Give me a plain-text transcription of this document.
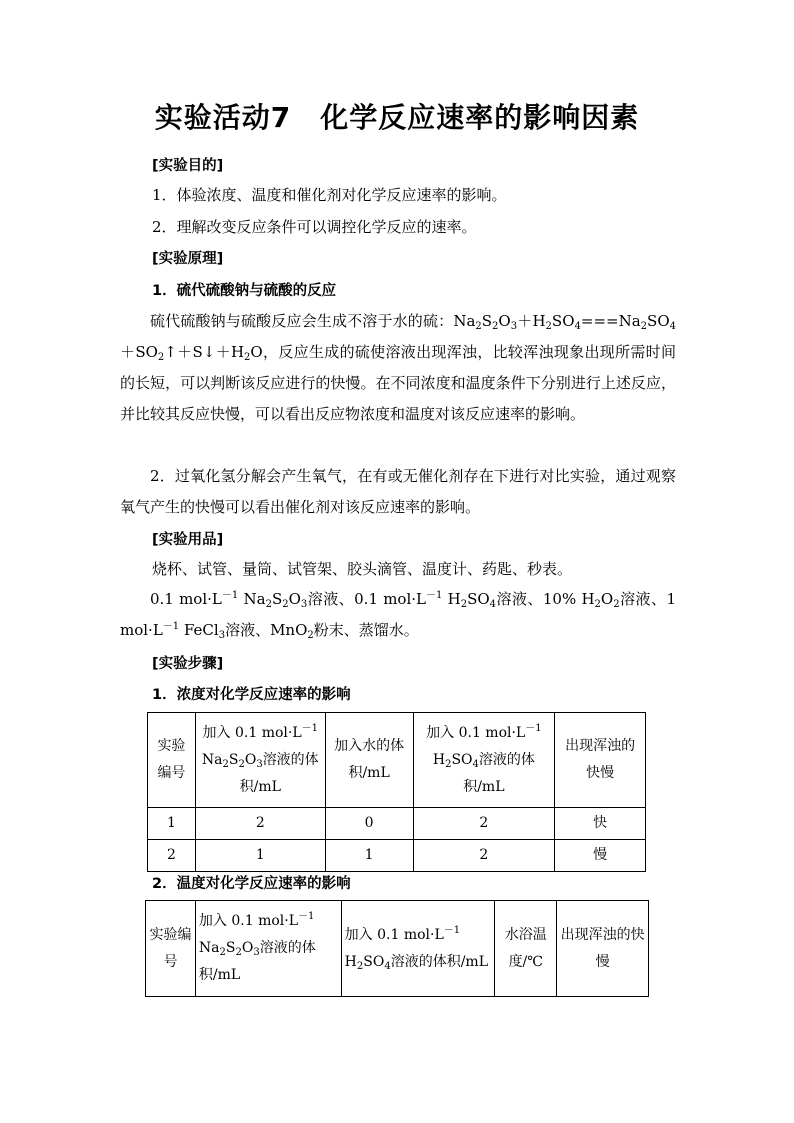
实验活动7　化学反应速率的影响因素
[实验目的]
1．体验浓度、温度和催化剂对化学反应速率的影响。
2．理解改变反应条件可以调控化学反应的速率。
[实验原理]
1．硫代硫酸钠与硫酸的反应
硫代硫酸钠与硫酸反应会生成不溶于水的硫：$Na_2S_2O_3+H_2SO_4===Na_2SO_4+SO_2↑+S↓+H_2O$，反应生成的硫使溶液出现浑浊，比较浑浊现象出现所需时间的长短，可以判断该反应进行的快慢。在不同浓度和温度条件下分别进行上述反应，并比较其反应快慢，可以看出反应物浓度和温度对该反应速率的影响。
2．过氧化氢分解会产生氧气，在有或无催化剂存在下进行对比实验，通过观察氧气产生的快慢可以看出催化剂对该反应速率的影响。
[实验用品]
烧杯、试管、量筒、试管架、胶头滴管、温度计、药匙、秒表。
0.1 $mol\cdot L^{-1}$ $Na_2S_2O_3$溶液、0.1 $mol\cdot L^{-1}$ $H_2SO_4$溶液、10% $H_2O_2$溶液、1 $mol\cdot L^{-1}$ FeCl$_3$溶液、MnO$_2$粉末、蒸馏水。
[实验步骤]
1．浓度对化学反应速率的影响
实验编号	加入 0.1 $mol\cdot L^{-1}$ $Na_2S_2O_3$溶液的体积/mL	加入水的体积/mL	加入 0.1 $mol\cdot L^{-1}$ $H_2SO_4$溶液的体积/mL	出现浑浊的快慢
1	2	0	2	快
2	1	1	2	慢
2．温度对化学反应速率的影响
实验编号	加入 0.1 $mol\cdot L^{-1}$ $Na_2S_2O_3$溶液的体积/mL	加入 0.1 $mol\cdot L^{-1}$ $H_2SO_4$溶液的体积/mL	水浴温度/℃	出现浑浊的快慢
